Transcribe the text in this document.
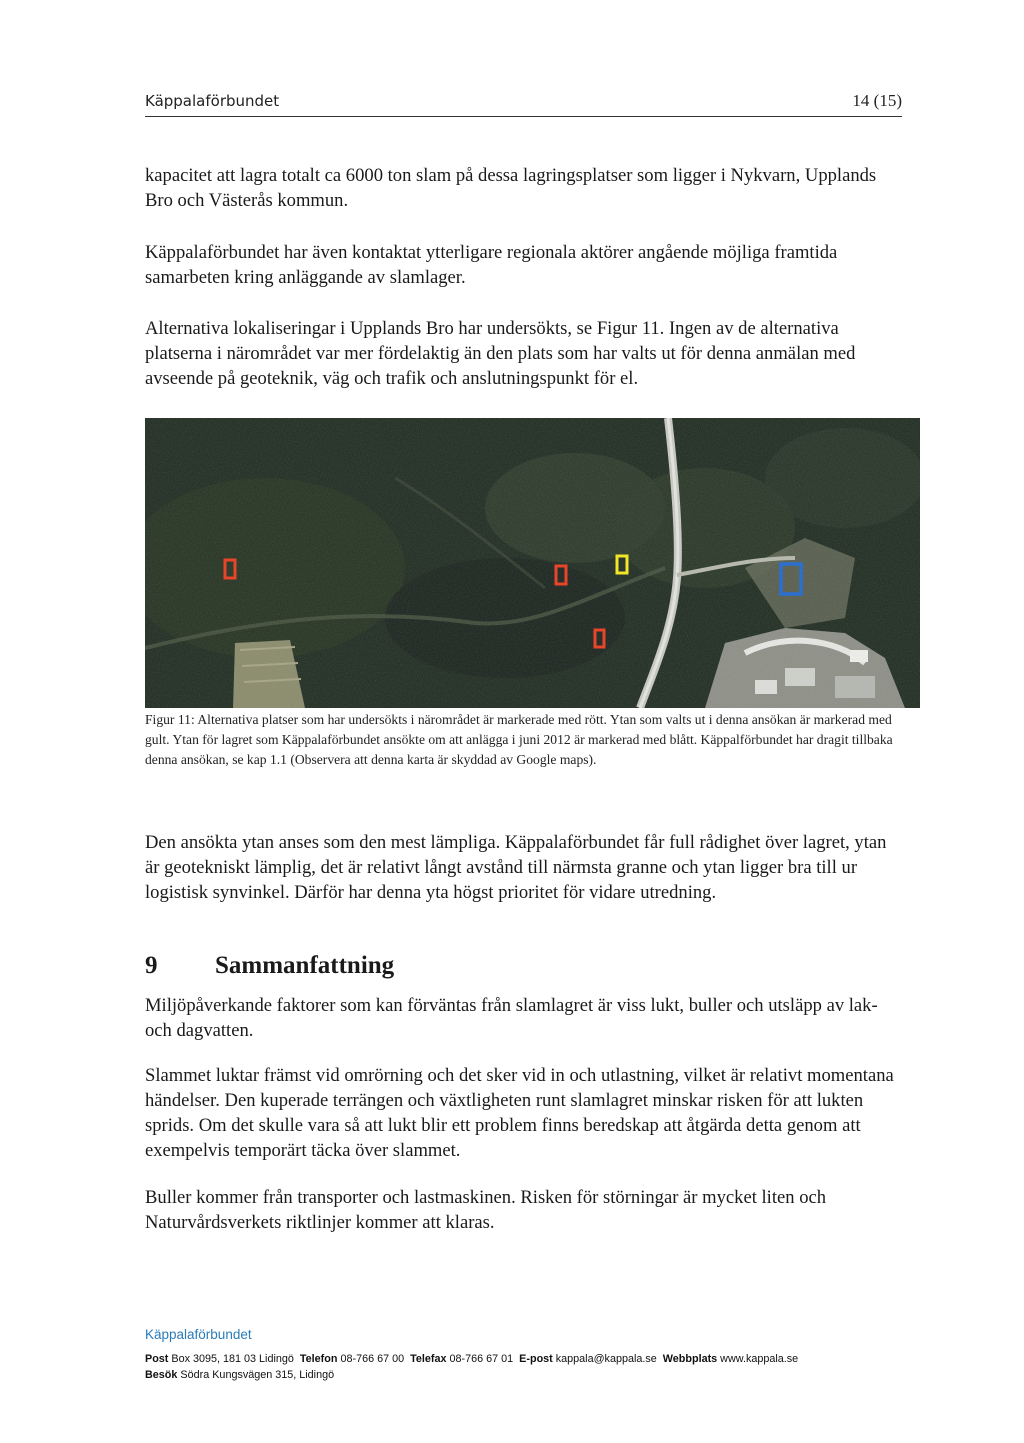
Käppalaförbundet	14 (15)

kapacitet att lagra totalt ca 6000 ton slam på dessa lagringsplatser som ligger i Nykvarn, Upplands Bro och Västerås kommun.

Käppalaförbundet har även kontaktat ytterligare regionala aktörer angående möjliga framtida samarbeten kring anläggande av slamlager.

Alternativa lokaliseringar i Upplands Bro har undersökts, se Figur 11. Ingen av de alternativa platserna i närområdet var mer fördelaktig än den plats som har valts ut för denna anmälan med avseende på geoteknik, väg och trafik och anslutningspunkt för el.

Figur 11: Alternativa platser som har undersökts i närområdet är markerade med rött. Ytan som valts ut i denna ansökan är markerad med gult. Ytan för lagret som Käppalaförbundet ansökte om att anlägga i juni 2012 är markerad med blått. Käppalförbundet har dragit tillbaka denna ansökan, se kap 1.1 (Observera att denna karta är skyddad av Google maps).

Den ansökta ytan anses som den mest lämpliga. Käppalaförbundet får full rådighet över lagret, ytan är geotekniskt lämplig, det är relativt långt avstånd till närmsta granne och ytan ligger bra till ur logistisk synvinkel. Därför har denna yta högst prioritet för vidare utredning.

9 Sammanfattning

Miljöpåverkande faktorer som kan förväntas från slamlagret är viss lukt, buller och utsläpp av lak- och dagvatten.

Slammet luktar främst vid omrörning och det sker vid in och utlastning, vilket är relativt momentana händelser. Den kuperade terrängen och växtligheten runt slamlagret minskar risken för att lukten sprids. Om det skulle vara så att lukt blir ett problem finns beredskap att åtgärda detta genom att exempelvis temporärt täcka över slammet.

Buller kommer från transporter och lastmaskinen. Risken för störningar är mycket liten och Naturvårdsverkets riktlinjer kommer att klaras.

Käppalaförbundet
Post Box 3095, 181 03 Lidingö Telefon 08-766 67 00 Telefax 08-766 67 01 E-post kappala@kappala.se Webbplats www.kappala.se
Besök Södra Kungsvägen 315, Lidingö
